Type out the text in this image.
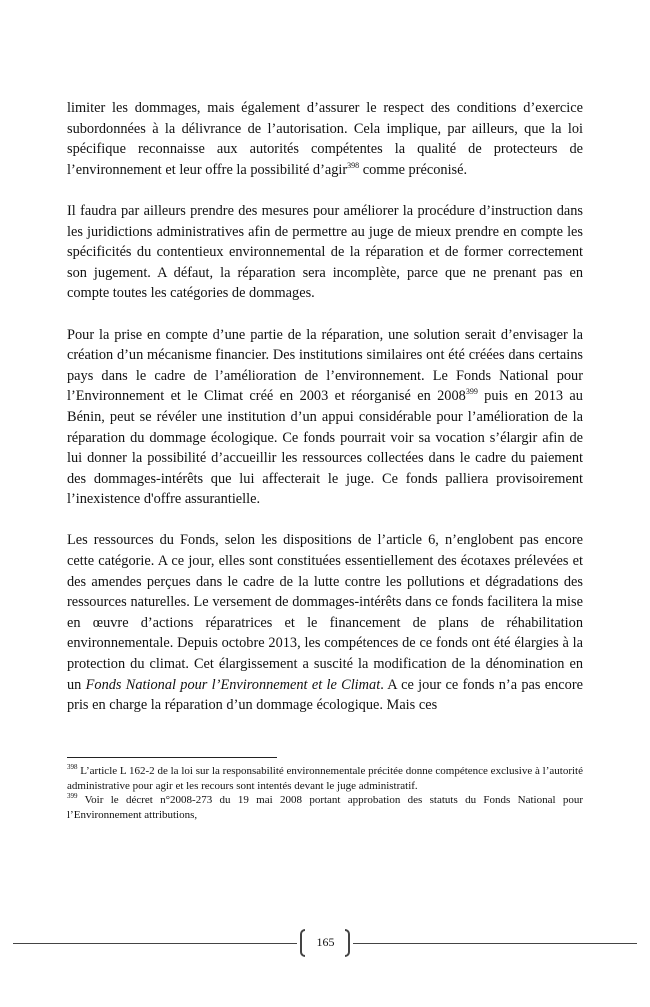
limiter les dommages, mais également d’assurer le respect des conditions d’exercice subordonnées à la délivrance de l’autorisation. Cela implique, par ailleurs, que la loi spécifique reconnaisse aux autorités compétentes la qualité de protecteurs de l’environnement et leur offre la possibilité d’agir$^{398}$ comme préconisé.

Il faudra par ailleurs prendre des mesures pour améliorer la procédure d’instruction dans les juridictions administratives afin de permettre au juge de mieux prendre en compte les spécificités du contentieux environnemental de la réparation et de former correctement son jugement. A défaut, la réparation sera incomplète, parce que ne prenant pas en compte toutes les catégories de dommages.

Pour la prise en compte d’une partie de la réparation, une solution serait d’envisager la création d’un mécanisme financier. Des institutions similaires ont été créées dans certains pays dans le cadre de l’amélioration de l’environnement. Le Fonds National pour l’Environnement et le Climat créé en 2003 et réorganisé en 2008$^{399}$ puis en 2013 au Bénin, peut se révéler une institution d’un appui considérable pour l’amélioration de la réparation du dommage écologique. Ce fonds pourrait voir sa vocation s’élargir afin de lui donner la possibilité d’accueillir les ressources collectées dans le cadre du paiement des dommages-intérêts que lui affecterait le juge. Ce fonds palliera provisoirement l’inexistence d'offre assurantielle.

Les ressources du Fonds, selon les dispositions de l’article 6, n’englobent pas encore cette catégorie. A ce jour, elles sont constituées essentiellement des écotaxes prélevées et des amendes perçues dans le cadre de la lutte contre les pollutions et dégradations des ressources naturelles. Le versement de dommages-intérêts dans ce fonds facilitera la mise en œuvre d’actions réparatrices et le financement de plans de réhabilitation environnementale. Depuis octobre 2013, les compétences de ce fonds ont été élargies à la protection du climat. Cet élargissement a suscité la modification de la dénomination en un Fonds National pour l’Environnement et le Climat. A ce jour ce fonds n’a pas encore pris en charge la réparation d’un dommage écologique. Mais ces

$^{398}$ L’article L 162-2 de la loi sur la responsabilité environnementale précitée donne compétence exclusive à l’autorité administrative pour agir et les recours sont intentés devant le juge administratif.

$^{399}$ Voir le décret n°2008-273 du 19 mai 2008 portant approbation des statuts du Fonds National pour l’Environnement attributions,

165
